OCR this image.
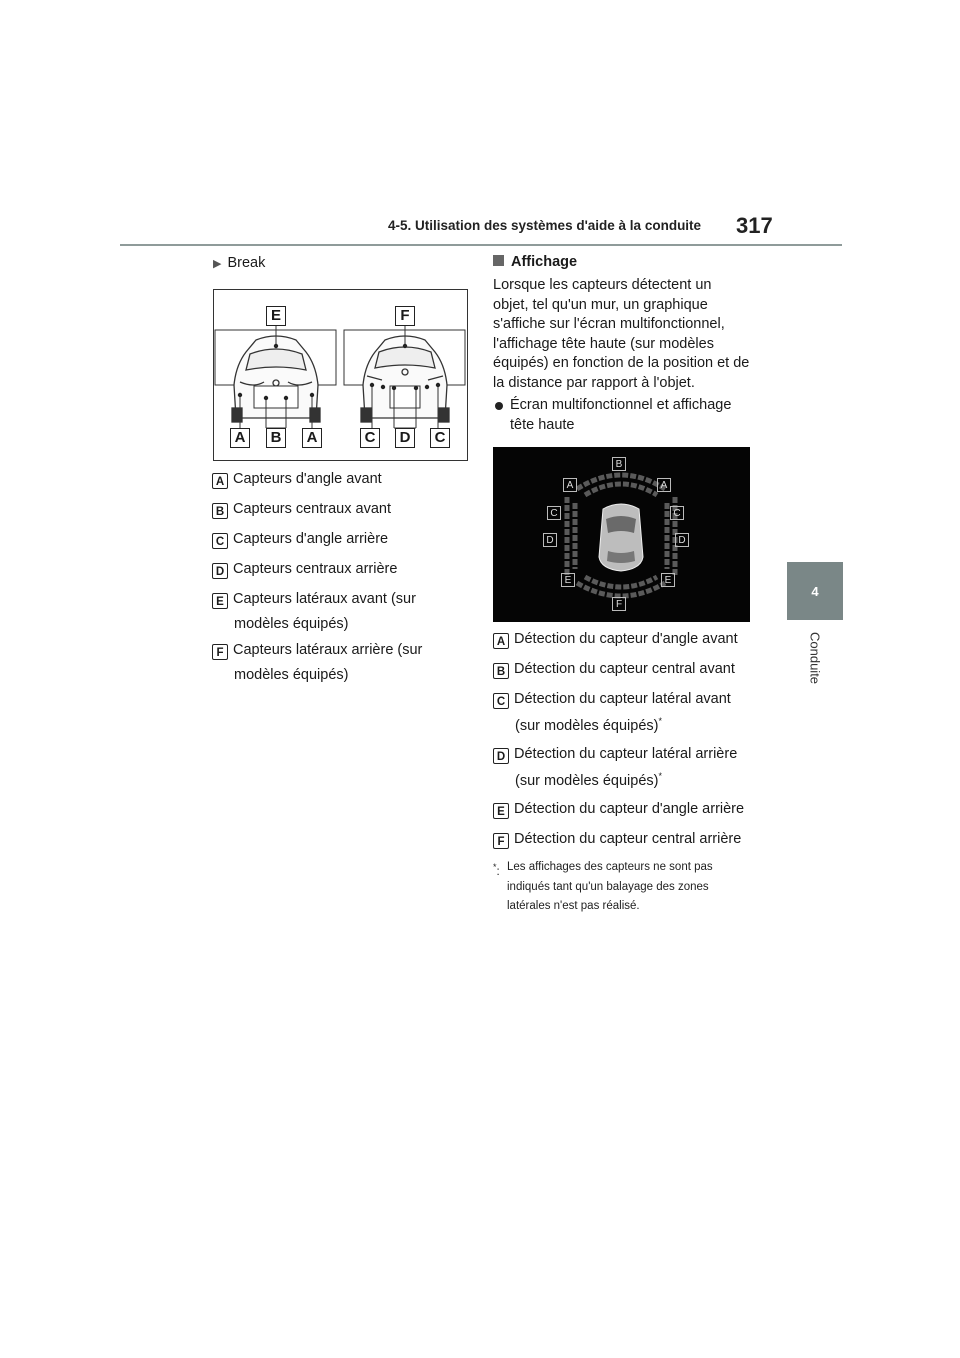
4-5. Utilisation des systèmes d'aide à la conduite 317
4
Conduite
▶ Break
E	F
A	B	A	C	D	C
A Capteurs d'angle avant
B Capteurs centraux avant
C Capteurs d'angle arrière
D Capteurs centraux arrière
E Capteurs latéraux avant (sur
modèles équipés)
F Capteurs latéraux arrière (sur
modèles équipés)
Affichage
Lorsque les capteurs détectent un
objet, tel qu'un mur, un graphique
s'affiche sur l'écran multifonctionnel,
l'affichage tête haute (sur modèles
équipés) en fonction de la position et de
la distance par rapport à l'objet.
Écran multifonctionnel et affichage
tête haute
B
A	A
C	C
D	D
E	E
F
A Détection du capteur d'angle avant
B Détection du capteur central avant
C Détection du capteur latéral avant
(sur modèles équipés)*
D Détection du capteur latéral arrière
(sur modèles équipés)*
E Détection du capteur d'angle arrière
F Détection du capteur central arrière
*: Les affichages des capteurs ne sont pas
indiqués tant qu'un balayage des zones
latérales n'est pas réalisé.
